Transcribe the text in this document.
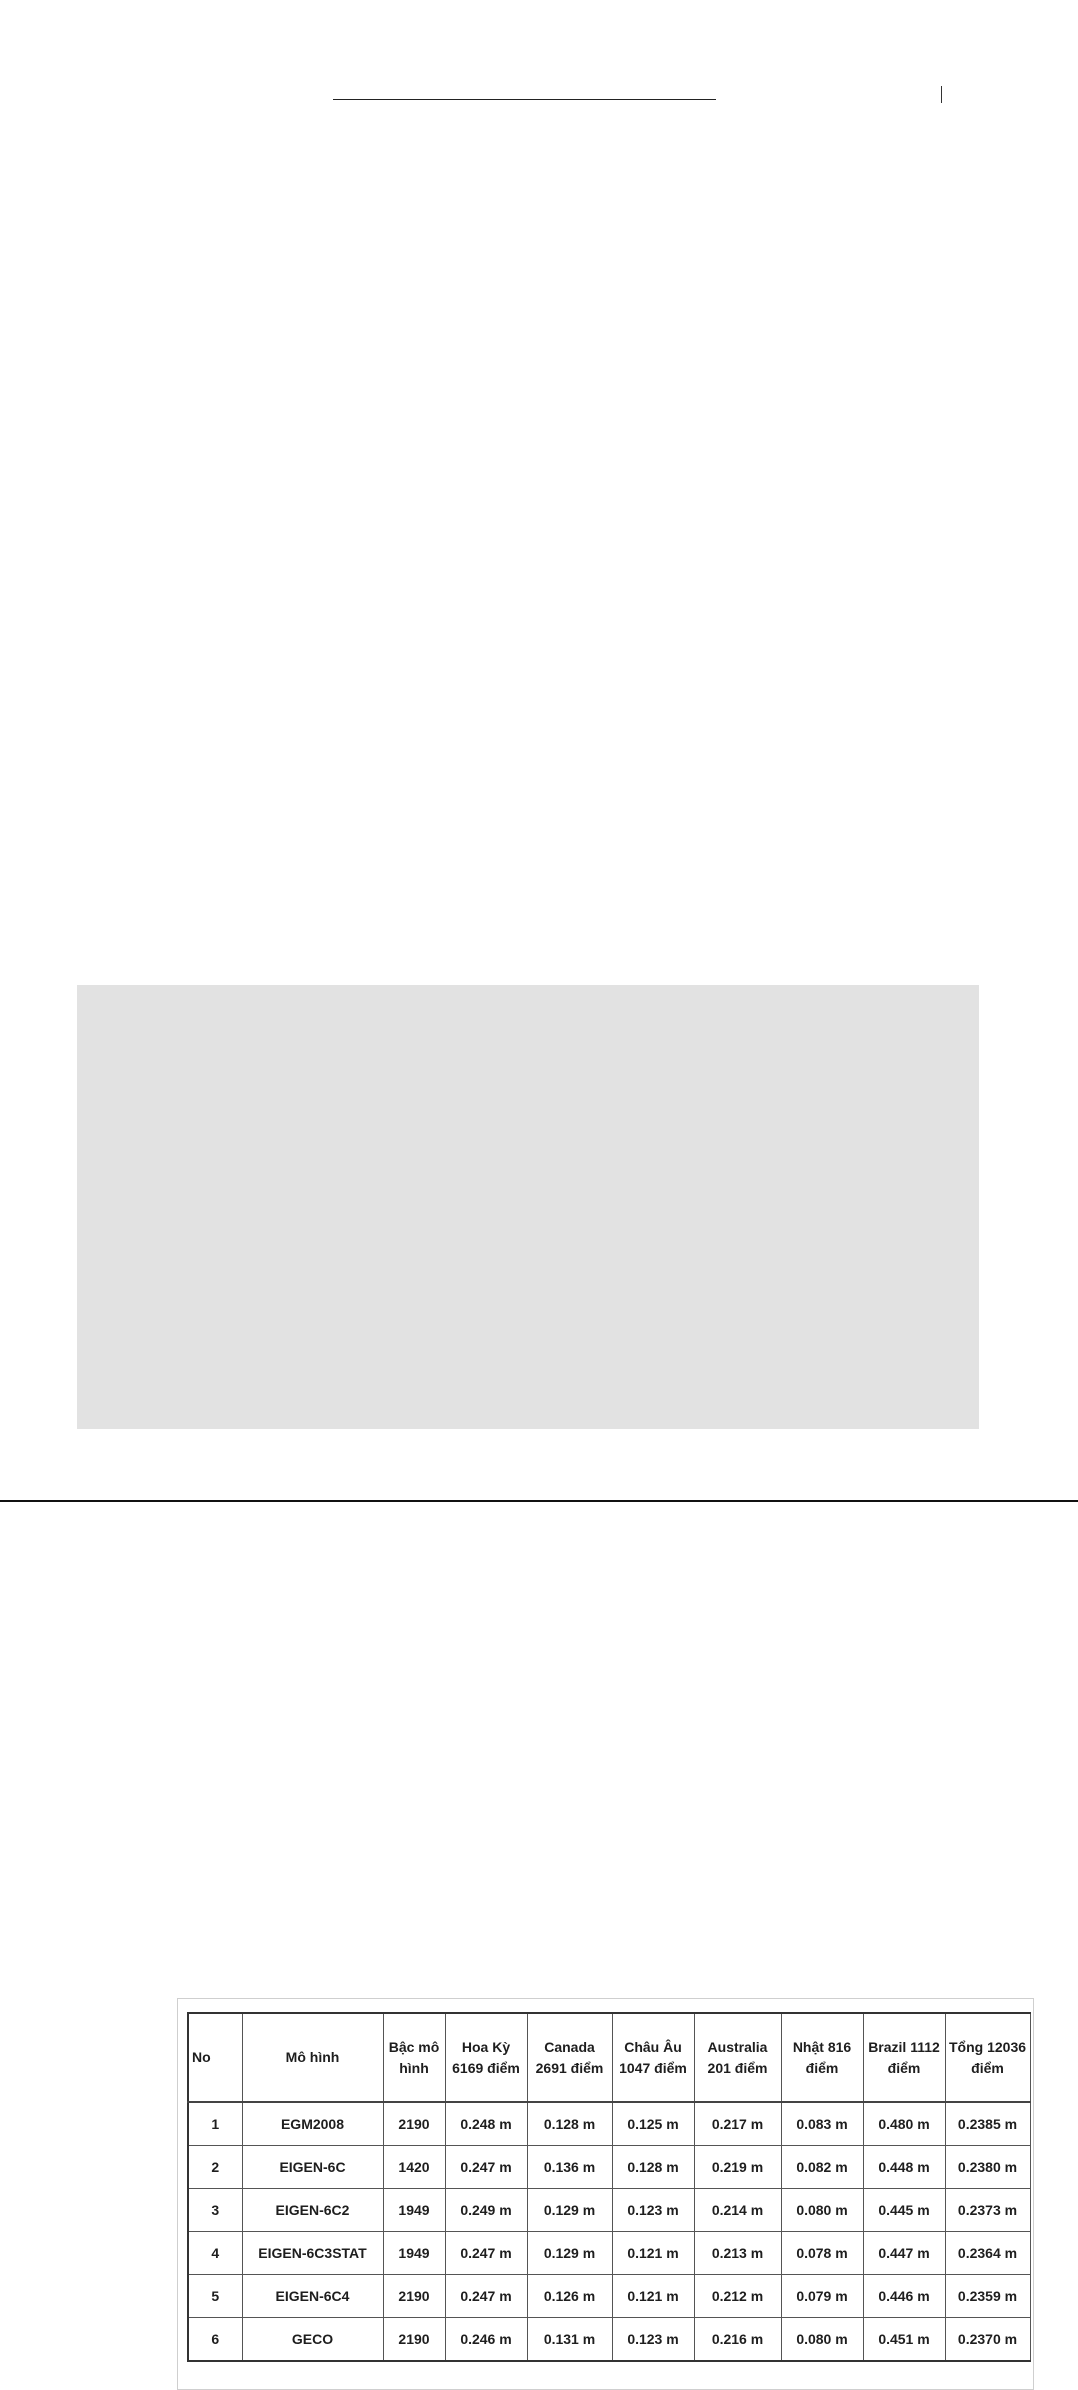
No	Mô hình	Bậc mô hình	Hoa Kỳ 6169 điểm	Canada 2691 điểm	Châu Âu 1047 điểm	Australia 201 điểm	Nhật 816 điểm	Brazil 1112 điểm	Tổng 12036 điểm
1	EGM2008	2190	0.248 m	0.128 m	0.125 m	0.217 m	0.083 m	0.480 m	0.2385 m
2	EIGEN-6C	1420	0.247 m	0.136 m	0.128 m	0.219 m	0.082 m	0.448 m	0.2380 m
3	EIGEN-6C2	1949	0.249 m	0.129 m	0.123 m	0.214 m	0.080 m	0.445 m	0.2373 m
4	EIGEN-6C3STAT	1949	0.247 m	0.129 m	0.121 m	0.213 m	0.078 m	0.447 m	0.2364 m
5	EIGEN-6C4	2190	0.247 m	0.126 m	0.121 m	0.212 m	0.079 m	0.446 m	0.2359 m
6	GECO	2190	0.246 m	0.131 m	0.123 m	0.216 m	0.080 m	0.451 m	0.2370 m
